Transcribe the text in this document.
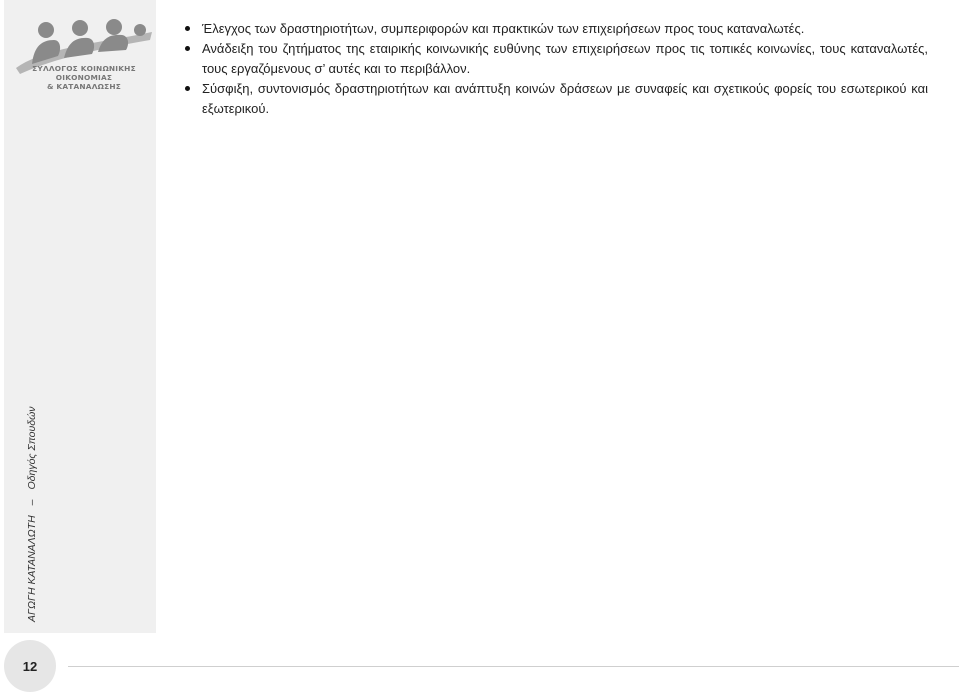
ΣΥΛΛΟΓΟΣ ΚΟΙΝΩΝΙΚΗΣ ΟΙΚΟΝΟΜΙΑΣ
& ΚΑΤΑΝΑΛΩΣΗΣ
ΑΓΩΓΗ ΚΑΤΑΝΑΛΩΤΗ–Οδηγός Σπουδών
Έλεγχος των δραστηριοτήτων, συμπεριφορών και πρακτικών των επιχειρήσεων προς τους καταναλωτές.
Ανάδειξη του ζητήματος της εταιρικής κοινωνικής ευθύνης των επιχειρήσεων προς τις τοπικές κοινωνίες, τους καταναλωτές, τους εργαζόμενους σ’ αυτές και το περιβάλλον.
Σύσφιξη, συντονισμός δραστηριοτήτων και ανάπτυξη κοινών δράσεων με συναφείς και σχετικούς φορείς του εσωτερικού και εξωτερικού.
12
